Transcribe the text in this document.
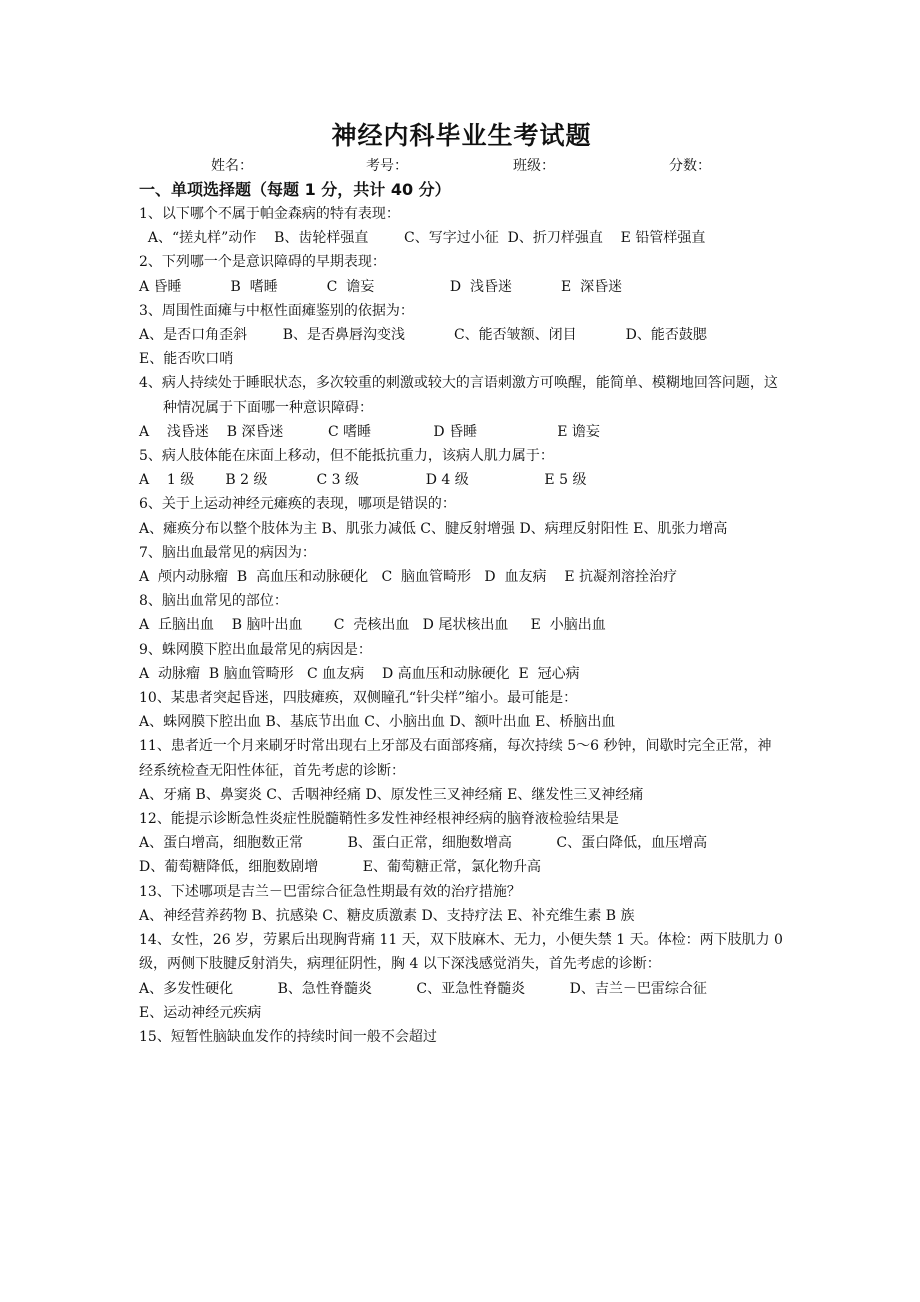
神经内科毕业生考试题
姓名：	考号：	班级：	分数：
一、单项选择题（每题 1 分，共计 40 分）

1、以下哪个不属于帕金森病的特有表现：

A、“搓丸样”动作    B、齿轮样强直        C、写字过小征  D、折刀样强直    E 铅管样强直

2、下列哪一个是意识障碍的早期表现：

A 昏睡           B  嗜睡           C  谵妄                 D  浅昏迷           E  深昏迷

3、周围性面瘫与中枢性面瘫鉴别的依据为：

A、是否口角歪斜        B、是否鼻唇沟变浅           C、能否皱额、闭目           D、能否鼓腮

E、能否吹口哨

4、病人持续处于睡眠状态，多次较重的刺激或较大的言语刺激方可唤醒，能简单、模糊地回答问题，这种情况属于下面哪一种意识障碍：

A    浅昏迷    B 深昏迷          C 嗜睡              D 昏睡                  E 谵妄

5、病人肢体能在床面上移动，但不能抵抗重力，该病人肌力属于：

A    1 级       B 2 级           C 3 级               D 4 级                 E 5 级

6、关于上运动神经元瘫痪的表现，哪项是错误的：

A、瘫痪分布以整个肢体为主 B、肌张力减低 C、腱反射增强 D、病理反射阳性 E、肌张力增高

7、脑出血最常见的病因为：

A  颅内动脉瘤  B  高血压和动脉硬化   C  脑血管畸形   D  血友病    E 抗凝剂溶拴治疗

8、脑出血常见的部位：

A  丘脑出血    B 脑叶出血       C  壳核出血   D 尾状核出血     E  小脑出血

9、蛛网膜下腔出血最常见的病因是：

A  动脉瘤  B 脑血管畸形   C 血友病    D 高血压和动脉硬化  E  冠心病

10、某患者突起昏迷，四肢瘫痪，双侧瞳孔“针尖样”缩小。最可能是：

A、蛛网膜下腔出血 B、基底节出血 C、小脑出血 D、额叶出血 E、桥脑出血

11、患者近一个月来刷牙时常出现右上牙部及右面部疼痛，每次持续 5～6 秒钟，间歇时完全正常，神经系统检查无阳性体征，首先考虑的诊断：

A、牙痛 B、鼻窦炎 C、舌咽神经痛 D、原发性三叉神经痛 E、继发性三叉神经痛

12、能提示诊断急性炎症性脱髓鞘性多发性神经根神经病的脑脊液检验结果是

A、蛋白增高，细胞数正常          B、蛋白正常，细胞数增高          C、蛋白降低，血压增高

D、葡萄糖降低，细胞数剧增          E、葡萄糖正常，氯化物升高

13、下述哪项是吉兰－巴雷综合征急性期最有效的治疗措施？

A、神经营养药物 B、抗感染 C、糖皮质激素 D、支持疗法 E、补充维生素 B 族

14、女性，26 岁，劳累后出现胸背痛 11 天，双下肢麻木、无力，小便失禁 1 天。体检：两下肢肌力 0 级，两侧下肢腱反射消失，病理征阴性，胸 4 以下深浅感觉消失，首先考虑的诊断：

A、多发性硬化          B、急性脊髓炎          C、亚急性脊髓炎          D、吉兰－巴雷综合征

E、运动神经元疾病

15、短暂性脑缺血发作的持续时间一般不会超过
